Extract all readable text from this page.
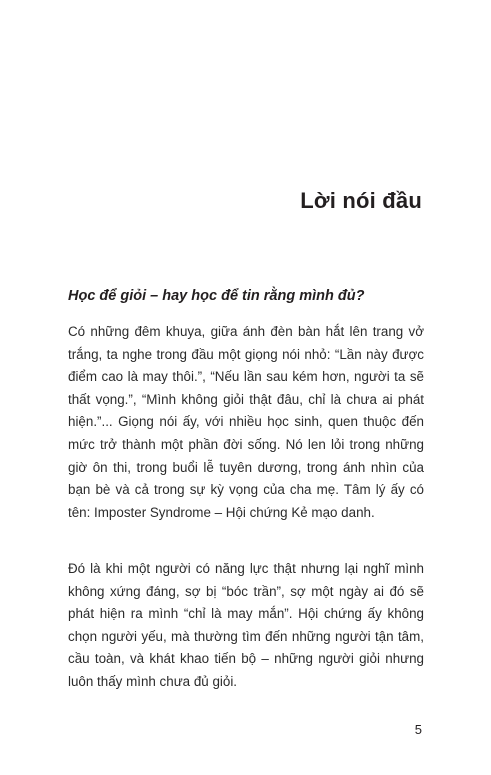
Lời nói đầu

Học để giỏi – hay học để tin rằng mình đủ?

Có những đêm khuya, giữa ánh đèn bàn hắt lên trang vở trắng, ta nghe trong đầu một giọng nói nhỏ: “Lần này được điểm cao là may thôi.”, “Nếu lần sau kém hơn, người ta sẽ thất vọng.”, “Mình không giỏi thật đâu, chỉ là chưa ai phát hiện.”... Giọng nói ấy, với nhiều học sinh, quen thuộc đến mức trở thành một phần đời sống. Nó len lỏi trong những giờ ôn thi, trong buổi lễ tuyên dương, trong ánh nhìn của bạn bè và cả trong sự kỳ vọng của cha mẹ. Tâm lý ấy có tên: Imposter Syndrome – Hội chứng Kẻ mạo danh.

Đó là khi một người có năng lực thật nhưng lại nghĩ mình không xứng đáng, sợ bị “bóc trần”, sợ một ngày ai đó sẽ phát hiện ra mình “chỉ là may mắn”. Hội chứng ấy không chọn người yếu, mà thường tìm đến những người tận tâm, cầu toàn, và khát khao tiến bộ – những người giỏi nhưng luôn thấy mình chưa đủ giỏi.

5
